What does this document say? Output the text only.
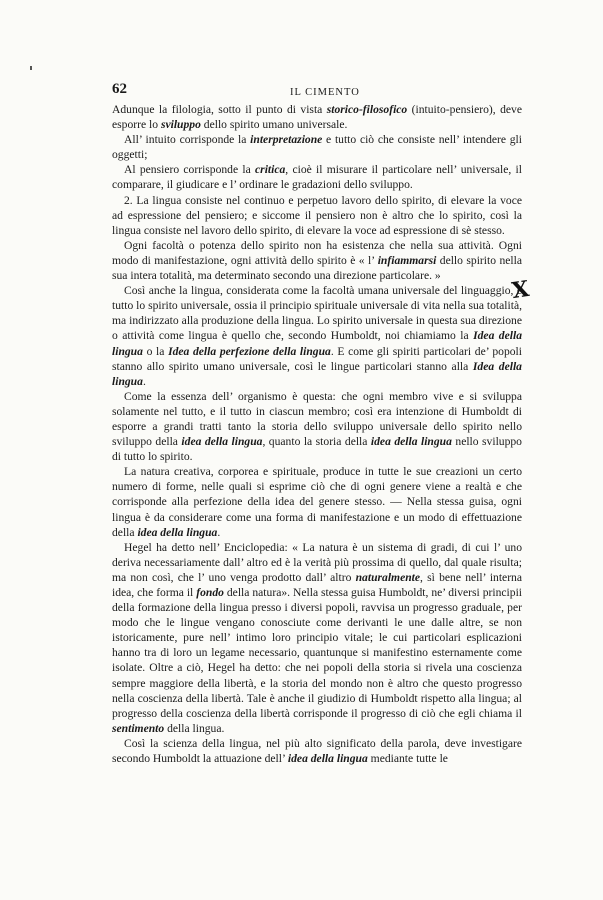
62	IL CIMENTO

Adunque la filologia, sotto il punto di vista storico-filosofico (intuito-pensiero), deve esporre lo sviluppo dello spirito umano universale.

All’ intuito corrisponde la interpretazione e tutto ciò che consiste nell’ intendere gli oggetti;

Al pensiero corrisponde la critica, cioè il misurare il particolare nell’ universale, il comparare, il giudicare e l’ ordinare le gradazioni dello sviluppo.

2. La lingua consiste nel continuo e perpetuo lavoro dello spirito, di elevare la voce ad espressione del pensiero; e siccome il pensiero non è altro che lo spirito, così la lingua consiste nel lavoro dello spirito, di elevare la voce ad espressione di sè stesso.

Ogni facoltà o potenza dello spirito non ha esistenza che nella sua attività. Ogni modo di manifestazione, ogni attività dello spirito è « l’ infiammarsi dello spirito nella sua intera totalità, ma determinato secondo una direzione particolare. »

Così anche la lingua, considerata come la facoltà umana universale del linguaggio, è tutto lo spirito universale, ossia il principio spirituale universale di vita nella sua totalità, ma indirizzato alla produzione della lingua. Lo spirito universale in questa sua direzione o attività come lingua è quello che, secondo Humboldt, noi chiamiamo la Idea della lingua o la Idea della perfezione della lingua. E come gli spiriti particolari de’ popoli stanno allo spirito umano universale, così le lingue particolari stanno alla Idea della lingua.

Come la essenza dell’ organismo è questa: che ogni membro vive e si sviluppa solamente nel tutto, e il tutto in ciascun membro; così era intenzione di Humboldt di esporre a grandi tratti tanto la storia dello sviluppo universale dello spirito nello sviluppo della idea della lingua, quanto la storia della idea della lingua nello sviluppo di tutto lo spirito.

La natura creativa, corporea e spirituale, produce in tutte le sue creazioni un certo numero di forme, nelle quali si esprime ciò che di ogni genere viene a realtà e che corrisponde alla perfezione della idea del genere stesso. — Nella stessa guisa, ogni lingua è da considerare come una forma di manifestazione e un modo di effettuazione della idea della lingua.

Hegel ha detto nell’ Enciclopedia: « La natura è un sistema di gradi, di cui l’ uno deriva necessariamente dall’ altro ed è la verità più prossima di quello, dal quale risulta; ma non così, che l’ uno venga prodotto dall’ altro naturalmente, sì bene nell’ interna idea, che forma il fondo della natura». Nella stessa guisa Humboldt, ne’ diversi principii della formazione della lingua presso i diversi popoli, ravvisa un progresso graduale, per modo che le lingue vengano conosciute come derivanti le une dalle altre, se non istoricamente, pure nell’ intimo loro principio vitale; le cui particolari esplicazioni hanno tra di loro un legame necessario, quantunque si manifestino esternamente come isolate. Oltre a ciò, Hegel ha detto: che nei popoli della storia si rivela una coscienza sempre maggiore della libertà, e la storia del mondo non è altro che questo progresso nella coscienza della libertà. Tale è anche il giudizio di Humboldt rispetto alla lingua; al progresso della coscienza della libertà corrisponde il progresso di ciò che egli chiama il sentimento della lingua.

Così la scienza della lingua, nel più alto significato della parola, deve investigare secondo Humboldt la attuazione dell’ idea della lingua mediante tutte le

X
